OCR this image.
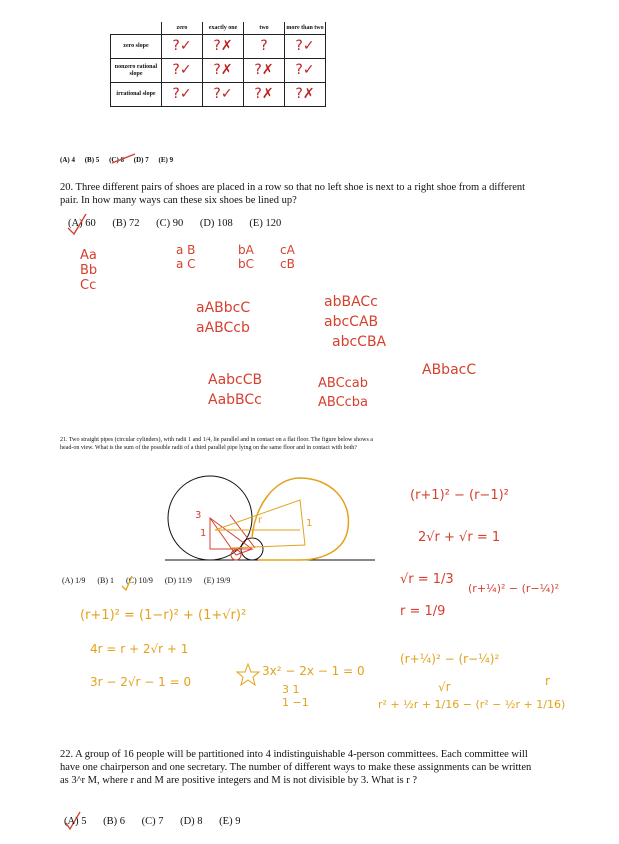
	zero	exactly one	two	more than two
zero slope	?✓	?✗	?	?✓
nonzero rational slope	?✓	?✗	?✗	?✓
irrational slope	?✓	?✓	?✗	?✗
(A) 4 (B) 5 (C) 6 (D) 7 (E) 9
20. Three different pairs of shoes are placed in a row so that no left shoe is next to a right shoe from a different pair. In how many ways can these six shoes be lined up?
(A) 60 (B) 72 (C) 90 (D) 108 (E) 120
Aa
Bb
Cc
a B
a C
bA
bC
cA
cB
aABbcC
aABCcb
abBACc
abcCAB
abcCBA
AabcCB
AabBCc
ABCcab
ABCcba
ABbacC
21. Two straight pipes (circular cylinders), with radii 1 and 1/4, lie parallel and in contact on a flat floor. The figure below shows a head-on view. What is the sum of the possible radii of a third parallel pipe lying on the same floor and in contact with both?
(A) 1/9 (B) 1 (C) 10/9 (D) 11/9 (E) 19/9
3
1
r	1
(r+1)² − (r−1)²
2√r + √r = 1
√r = 1/3
r = 1/9
(r+¼)² − (r−¼)²
(r+1)² = (1−r)² + (1+√r)²
4r = r + 2√r + 1
3r − 2√r − 1 = 0
3x² − 2x − 1 = 0
3 1
1 −1
(r+¼)² − (r−¼)²
√r
r² + ½r + 1/16 − (r² − ½r + 1/16)
r
22. A group of 16 people will be partitioned into 4 indistinguishable 4-person committees. Each committee will have one chairperson and one secretary. The number of different ways to make these assignments can be written as 3^r M, where r and M are positive integers and M is not divisible by 3. What is r ?
(A) 5 (B) 6 (C) 7 (D) 8 (E) 9
